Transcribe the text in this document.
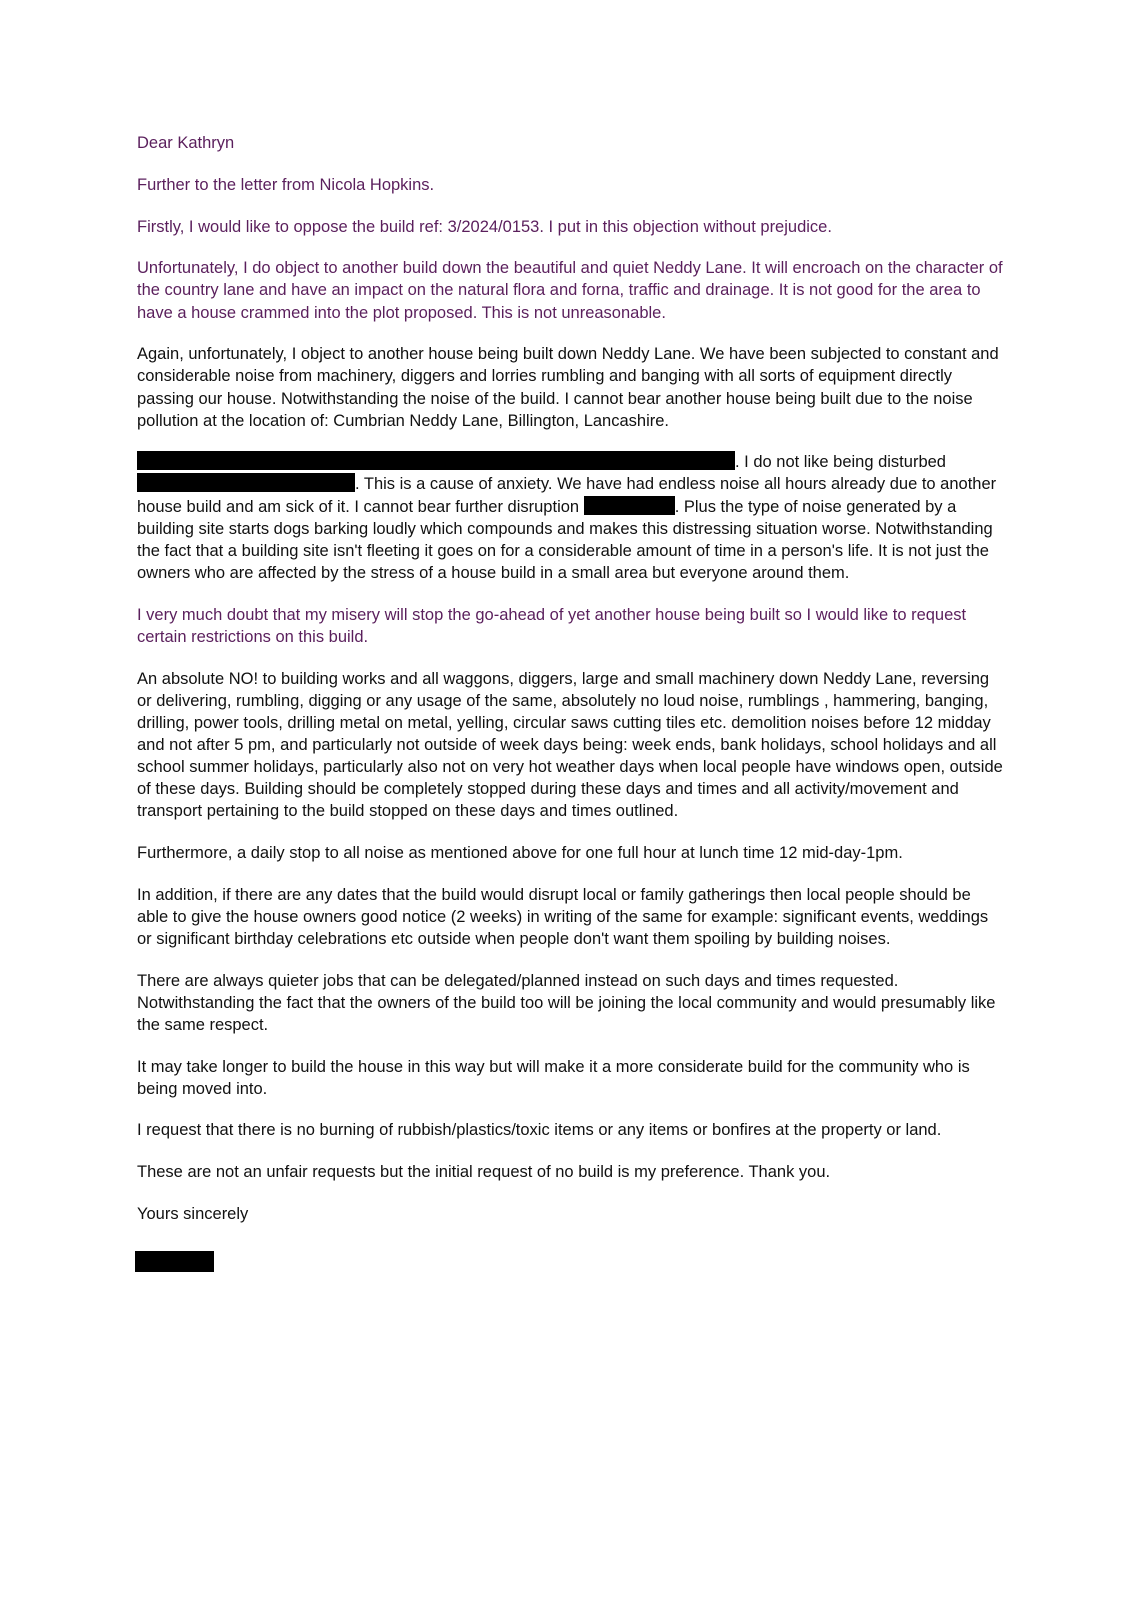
Dear Kathryn

Further to the letter from Nicola Hopkins.

Firstly, I would like to oppose the build ref: 3/2024/0153. I put in this objection without prejudice.

Unfortunately, I do object to another build down the beautiful and quiet Neddy Lane. It will encroach on the character of the country lane and have an impact on the natural flora and forna, traffic and drainage. It is not good for the area to have a house crammed into the plot proposed. This is not unreasonable.

Again, unfortunately, I object to another house being built down Neddy Lane. We have been subjected to constant and considerable noise from machinery, diggers and lorries rumbling and banging with all sorts of equipment directly passing our house. Notwithstanding the noise of the build. I cannot bear another house being built due to the noise pollution at the location of: Cumbrian Neddy Lane, Billington, Lancashire.

. I do not like being disturbed
. This is a cause of anxiety. We have had endless noise all hours already due to another house build and am sick of it. I cannot bear further disruption	. Plus the type of noise generated by a building site starts dogs barking loudly which compounds and makes this distressing situation worse. Notwithstanding the fact that a building site isn't fleeting it goes on for a considerable amount of time in a person's life. It is not just the owners who are affected by the stress of a house build in a small area but everyone around them.

I very much doubt that my misery will stop the go-ahead of yet another house being built so I would like to request certain restrictions on this build.

An absolute NO! to building works and all waggons, diggers, large and small machinery down Neddy Lane, reversing or delivering, rumbling, digging or any usage of the same, absolutely no loud noise, rumblings , hammering, banging, drilling, power tools, drilling metal on metal, yelling, circular saws cutting tiles etc. demolition noises before 12 midday and not after 5 pm, and particularly not outside of week days being: week ends, bank holidays, school holidays and all school summer holidays, particularly also not on very hot weather days when local people have windows open, outside of these days. Building should be completely stopped during these days and times and all activity/movement and transport pertaining to the build stopped on these days and times outlined.

Furthermore, a daily stop to all noise as mentioned above for one full hour at lunch time 12 mid-day-1pm.

In addition, if there are any dates that the build would disrupt local or family gatherings then local people should be able to give the house owners good notice (2 weeks) in writing of the same for example: significant events, weddings or significant birthday celebrations etc outside when people don't want them spoiling by building noises.

There are always quieter jobs that can be delegated/planned instead on such days and times requested. Notwithstanding the fact that the owners of the build too will be joining the local community and would presumably like the same respect.

It may take longer to build the house in this way but will make it a more considerate build for the community who is being moved into.

I request that there is no burning of rubbish/plastics/toxic items or any items or bonfires at the property or land.

These are not an unfair requests but the initial request of no build is my preference. Thank you.

Yours sincerely
